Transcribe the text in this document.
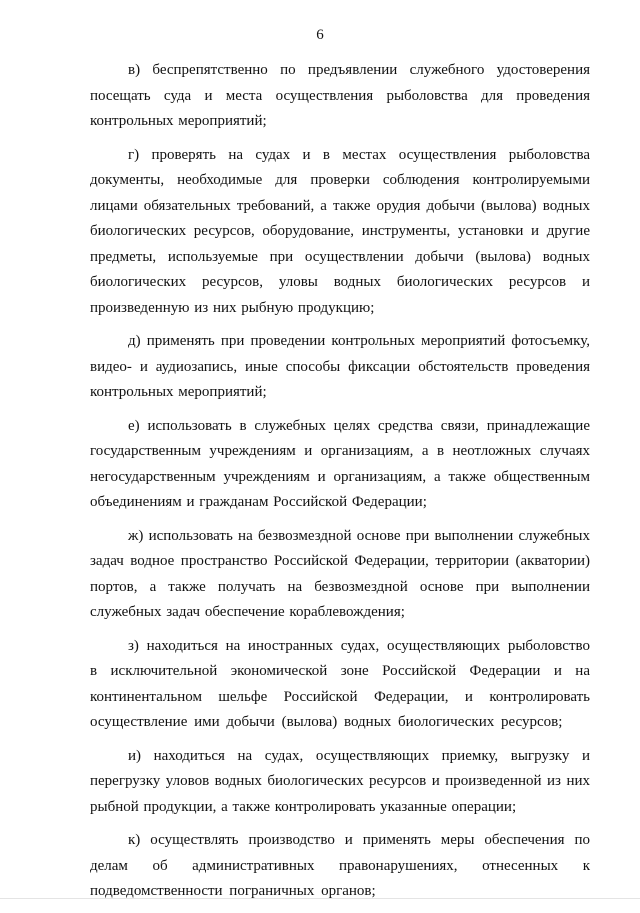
6

в) беспрепятственно по предъявлении служебного удостоверения посещать суда и места осуществления рыболовства для проведения контрольных мероприятий;

г) проверять на судах и в местах осуществления рыболовства документы, необходимые для проверки соблюдения контролируемыми лицами обязательных требований, а также орудия добычи (вылова) водных биологических ресурсов, оборудование, инструменты, установки и другие предметы, используемые при осуществлении добычи (вылова) водных биологических ресурсов, уловы водных биологических ресурсов и произведенную из них рыбную продукцию;

д) применять при проведении контрольных мероприятий фотосъемку, видео- и аудиозапись, иные способы фиксации обстоятельств проведения контрольных мероприятий;

е) использовать в служебных целях средства связи, принадлежащие государственным учреждениям и организациям, а в неотложных случаях негосударственным учреждениям и организациям, а также общественным объединениям и гражданам Российской Федерации;

ж) использовать на безвозмездной основе при выполнении служебных задач водное пространство Российской Федерации, территории (акватории) портов, а также получать на безвозмездной основе при выполнении служебных задач обеспечение кораблевождения;

з) находиться на иностранных судах, осуществляющих рыболовство в исключительной экономической зоне Российской Федерации и на континентальном шельфе Российской Федерации, и контролировать осуществление ими добычи (вылова) водных биологических ресурсов;

и) находиться на судах, осуществляющих приемку, выгрузку и перегрузку уловов водных биологических ресурсов и произведенной из них рыбной продукции, а также контролировать указанные операции;

к) осуществлять производство и применять меры обеспечения по делам об административных правонарушениях, отнесенных к подведомственности пограничных органов;
